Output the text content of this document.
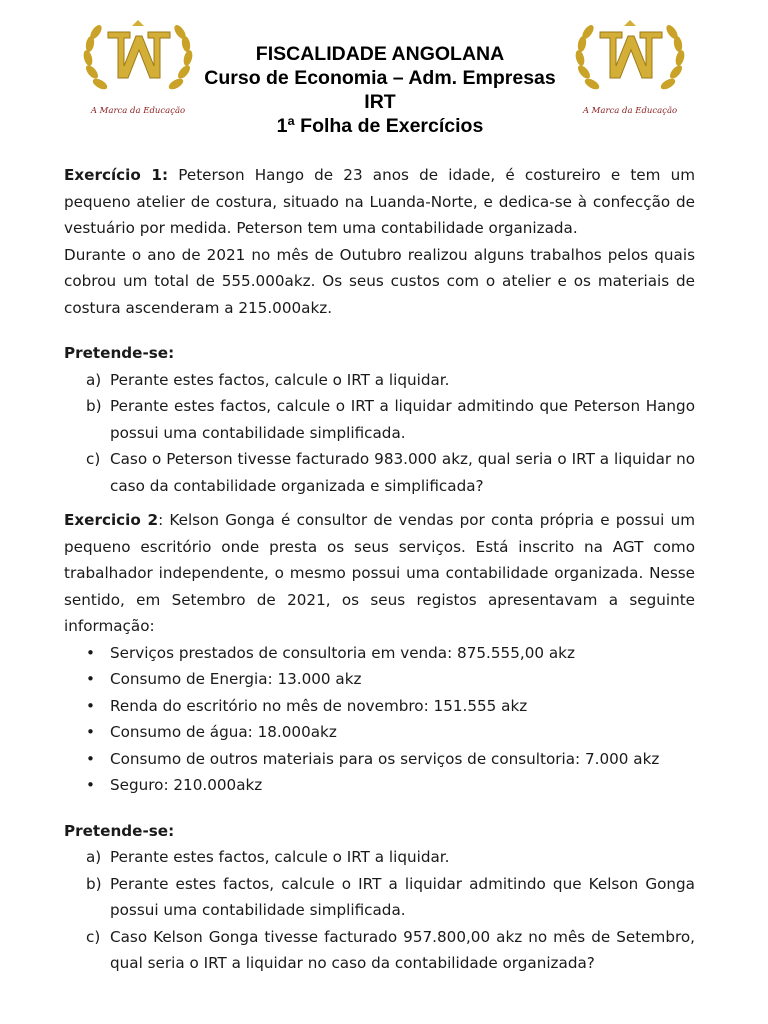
A Marca da Educação	A Marca da Educação
FISCALIDADE ANGOLANA
Curso de Economia – Adm. Empresas
IRT
1ª Folha de Exercícios

Exercício 1: Peterson Hango de 23 anos de idade, é costureiro e tem um pequeno atelier de costura, situado na Luanda-Norte, e dedica-se à confecção de vestuário por medida. Peterson tem uma contabilidade organizada.

Durante o ano de 2021 no mês de Outubro realizou alguns trabalhos pelos quais cobrou um total de 555.000akz. Os seus custos com o atelier e os materiais de costura ascenderam a 215.000akz.

Pretende-se:

a) Perante estes factos, calcule o IRT a liquidar.
b) Perante estes factos, calcule o IRT a liquidar admitindo que Peterson Hango possui uma contabilidade simplificada.
c) Caso o Peterson tivesse facturado 983.000 akz, qual seria o IRT a liquidar no caso da contabilidade organizada e simplificada?

Exercicio 2: Kelson Gonga é consultor de vendas por conta própria e possui um pequeno escritório onde presta os seus serviços. Está inscrito na AGT como trabalhador independente, o mesmo possui uma contabilidade organizada. Nesse sentido, em Setembro de 2021, os seus registos apresentavam a seguinte informação:

• Serviços prestados de consultoria em venda: 875.555,00 akz
• Consumo de Energia: 13.000 akz
• Renda do escritório no mês de novembro: 151.555 akz
• Consumo de água: 18.000akz
• Consumo de outros materiais para os serviços de consultoria: 7.000 akz
• Seguro: 210.000akz

Pretende-se:

a) Perante estes factos, calcule o IRT a liquidar.
b) Perante estes factos, calcule o IRT a liquidar admitindo que Kelson Gonga possui uma contabilidade simplificada.
c) Caso Kelson Gonga tivesse facturado 957.800,00 akz no mês de Setembro, qual seria o IRT a liquidar no caso da contabilidade organizada?
